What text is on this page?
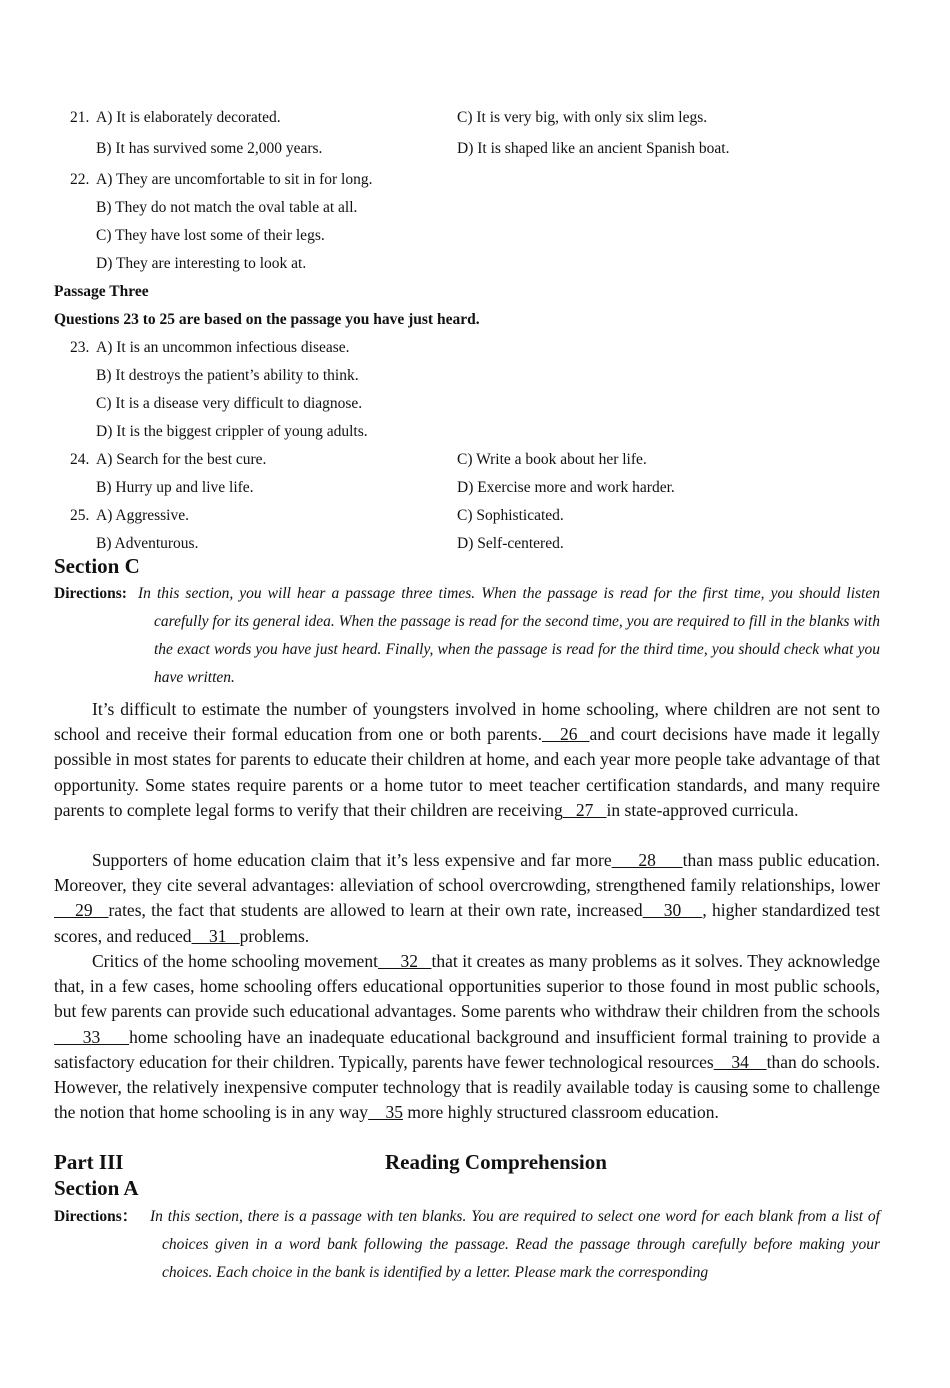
21. A) It is elaborately decorated.	C) It is very big, with only six slim legs.
B) It has survived some 2,000 years.	D) It is shaped like an ancient Spanish boat.
22. A) They are uncomfortable to sit in for long.
B) They do not match the oval table at all.
C) They have lost some of their legs.
D) They are interesting to look at.
Passage Three
Questions 23 to 25 are based on the passage you have just heard.
23. A) It is an uncommon infectious disease.
B) It destroys the patient’s ability to think.
C) It is a disease very difficult to diagnose.
D) It is the biggest crippler of young adults.
24. A) Search for the best cure.	C) Write a book about her life.
B) Hurry up and live life.	D) Exercise more and work harder.
25. A) Aggressive.	C) Sophisticated.
B) Adventurous.	D) Self-centered.
Section C
Directions: In this section, you will hear a passage three times. When the passage is read for the first time, you should listen carefully for its general idea. When the passage is read for the second time, you are required to fill in the blanks with the exact words you have just heard. Finally, when the passage is read for the third time, you should check what you have written.
It’s difficult to estimate the number of youngsters involved in home schooling, where children are not sent to school and receive their formal education from one or both parents.   26  and court decisions have made it legally possible in most states for parents to educate their children at home, and each year more people take advantage of that opportunity. Some states require parents or a home tutor to meet teacher certification standards, and many require parents to complete legal forms to verify that their children are receiving   27   in state-approved curricula.
Supporters of home education claim that it’s less expensive and far more     28     than mass public education. Moreover, they cite several advantages: alleviation of school overcrowding, strengthened family relationships, lower    29   rates, the fact that students are allowed to learn at their own rate, increased    30    , higher standardized test scores, and reduced    31   problems.
Critics of the home schooling movement     32   that it creates as many problems as it solves. They acknowledge that, in a few cases, home schooling offers educational opportunities superior to those found in most public schools, but few parents can provide such educational advantages. Some parents who withdraw their children from the schools     33     home schooling have an inadequate educational background and insufficient formal training to provide a satisfactory education for their children. Typically, parents have fewer technological resources    34    than do schools. However, the relatively inexpensive computer technology that is readily available today is causing some to challenge the notion that home schooling is in any way    35 more highly structured classroom education.
Part III	Reading Comprehension
Section A
Directions： In this section, there is a passage with ten blanks. You are required to select one word for each blank from a list of choices given in a word bank following the passage. Read the passage through carefully before making your choices. Each choice in the bank is identified by a letter. Please mark the corresponding
